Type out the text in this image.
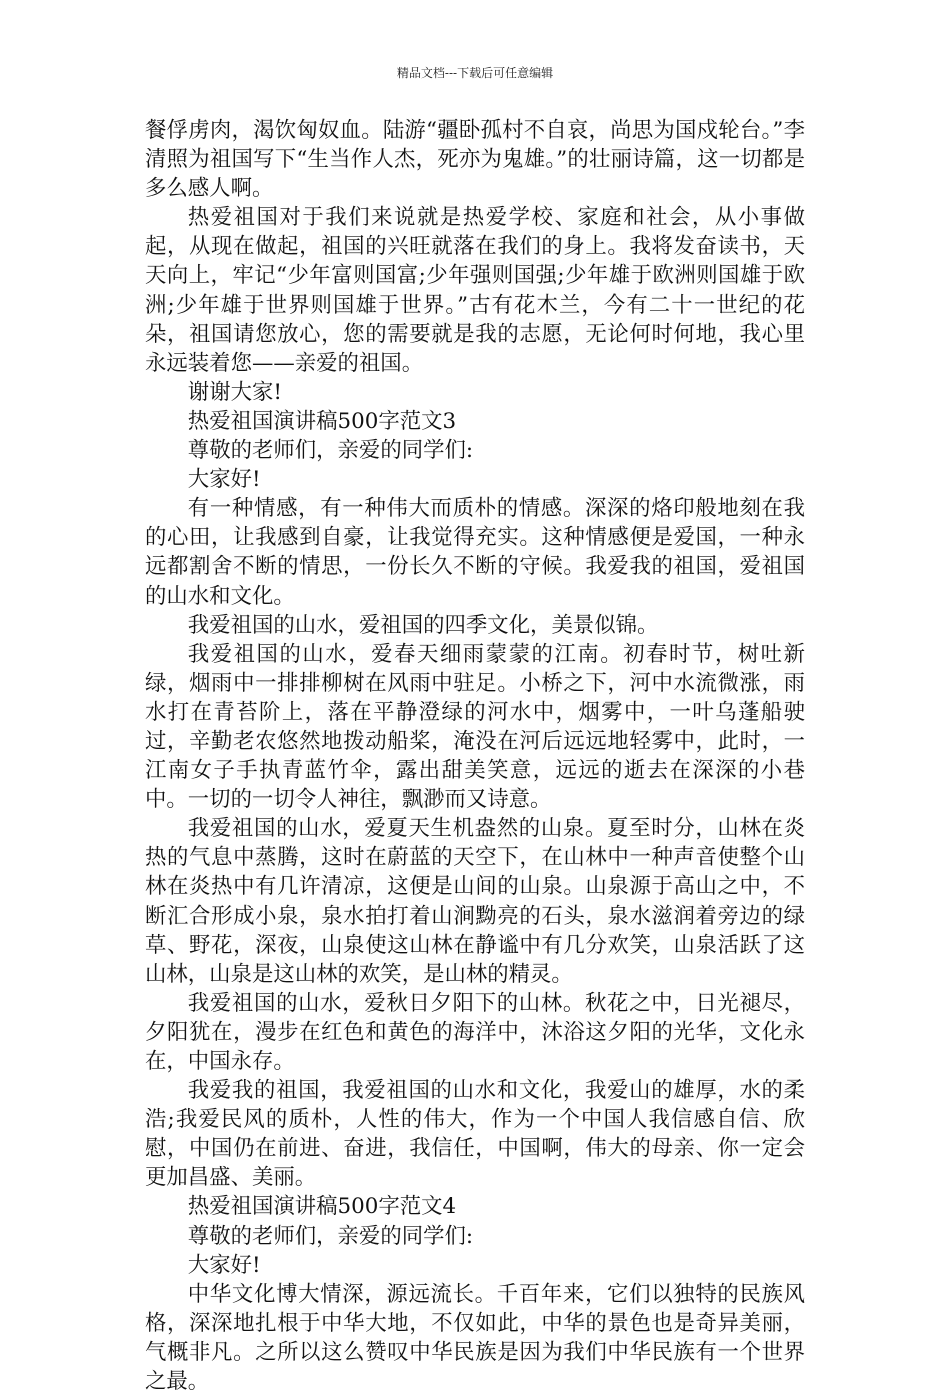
精品文档---下载后可任意编辑

餐俘虏肉，渴饮匈奴血。陆游“疆卧孤村不自哀，尚思为国戍轮台。”李清照为祖国写下“生当作人杰，死亦为鬼雄。”的壮丽诗篇，这一切都是多么感人啊。

热爱祖国对于我们来说就是热爱学校、家庭和社会，从小事做起，从现在做起，祖国的兴旺就落在我们的身上。我将发奋读书，天天向上，牢记“少年富则国富;少年强则国强;少年雄于欧洲则国雄于欧洲;少年雄于世界则国雄于世界。”古有花木兰，今有二十一世纪的花朵，祖国请您放心，您的需要就是我的志愿，无论何时何地，我心里永远装着您——亲爱的祖国。

谢谢大家!

热爱祖国演讲稿500字范文3

尊敬的老师们，亲爱的同学们:

大家好!

有一种情感，有一种伟大而质朴的情感。深深的烙印般地刻在我的心田，让我感到自豪，让我觉得充实。这种情感便是爱国，一种永远都割舍不断的情思，一份长久不断的守候。我爱我的祖国，爱祖国的山水和文化。

我爱祖国的山水，爱祖国的四季文化，美景似锦。

我爱祖国的山水，爱春天细雨蒙蒙的江南。初春时节，树吐新绿，烟雨中一排排柳树在风雨中驻足。小桥之下，河中水流微涨，雨水打在青苔阶上，落在平静澄绿的河水中，烟雾中，一叶乌蓬船驶过，辛勤老农悠然地拨动船桨，淹没在河后远远地轻雾中，此时，一江南女子手执青蓝竹伞，露出甜美笑意，远远的逝去在深深的小巷中。一切的一切令人神往，飘渺而又诗意。

我爱祖国的山水，爱夏天生机盎然的山泉。夏至时分，山林在炎热的气息中蒸腾，这时在蔚蓝的天空下，在山林中一种声音使整个山林在炎热中有几许清凉，这便是山间的山泉。山泉源于高山之中，不断汇合形成小泉，泉水拍打着山涧黝亮的石头，泉水滋润着旁边的绿草、野花，深夜，山泉使这山林在静谧中有几分欢笑，山泉活跃了这山林，山泉是这山林的欢笑，是山林的精灵。

我爱祖国的山水，爱秋日夕阳下的山林。秋花之中，日光褪尽，夕阳犹在，漫步在红色和黄色的海洋中，沐浴这夕阳的光华，文化永在，中国永存。

我爱我的祖国，我爱祖国的山水和文化，我爱山的雄厚，水的柔浩;我爱民风的质朴，人性的伟大，作为一个中国人我信感自信、欣慰，中国仍在前进、奋进，我信任，中国啊，伟大的母亲、你一定会更加昌盛、美丽。

热爱祖国演讲稿500字范文4

尊敬的老师们，亲爱的同学们:

大家好!

中华文化博大情深，源远流长。千百年来，它们以独特的民族风格，深深地扎根于中华大地，不仅如此，中华的景色也是奇异美丽，气概非凡。之所以这么赞叹中华民族是因为我们中华民族有一个世界之最。
